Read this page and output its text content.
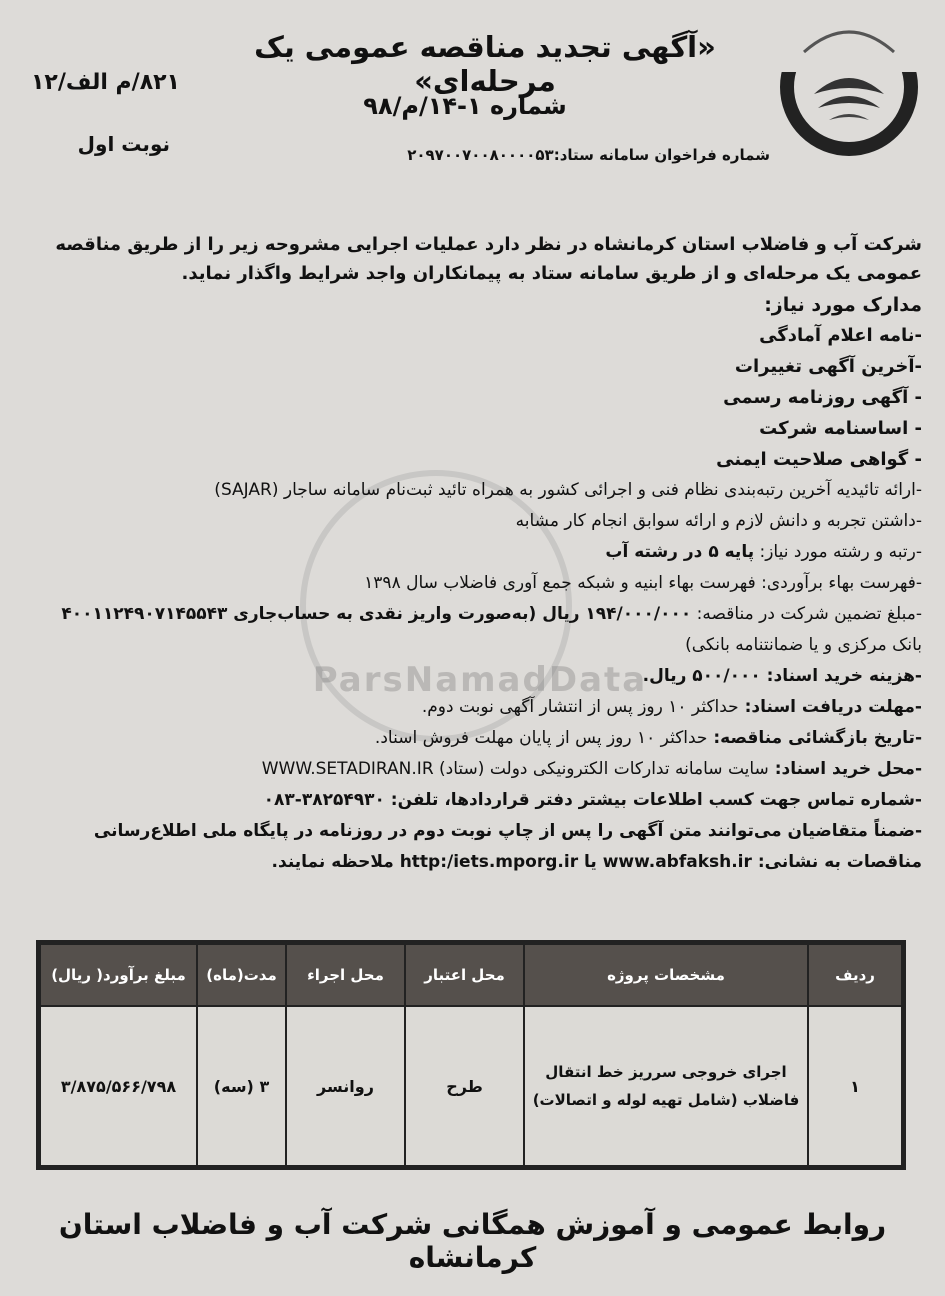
۸۲۱/م الف/۱۲
نوبت اول
«آگهی تجدید مناقصه عمومی یک مرحله‌ای»
شماره ۱-۱۴/م/۹۸
شماره فراخوان سامانه ستاد:۲۰۹۷۰۰۷۰۰۸۰۰۰۰۵۳
ParsNamadData
شرکت آب و فاضلاب استان کرمانشاه در نظر دارد عملیات اجرایی مشروحه زیر را از طریق مناقصه عمومی یک مرحله‌ای و از طریق سامانه ستاد به پیمانکاران واجد شرایط واگذار نماید.
مدارک مورد نیاز:
-نامه اعلام آمادگی
-آخرین آگهی تغییرات
- آگهی روزنامه رسمی
- اساسنامه شرکت
- گواهی صلاحیت ایمنی
-ارائه تائیدیه آخرین رتبه‌بندی نظام فنی و اجرائی کشور به همراه تائید ثبت‌نام سامانه ساجار (SAJAR)
-داشتن تجربه و دانش لازم و ارائه سوابق انجام کار مشابه
-رتبه و رشته مورد نیاز: پایه ۵ در رشته آب
-فهرست بهاء برآوردی: فهرست بهاء ابنیه و شبکه جمع آوری فاضلاب سال ۱۳۹۸
-مبلغ تضمین شرکت در مناقصه: ۱۹۴/۰۰۰/۰۰۰ ریال (به‌صورت واریز نقدی به حساب‌جاری ۴۰۰۱۱۲۴۹۰۷۱۴۵۵۴۳
بانک مرکزی و یا ضمانتنامه بانکی)
-هزینه خرید اسناد: ۵۰۰/۰۰۰ ریال.
-مهلت دریافت اسناد: حداکثر ۱۰ روز پس از انتشار آگهی نوبت دوم.
-تاریخ بازگشائی مناقصه: حداکثر ۱۰ روز پس از پایان مهلت فروش اسناد.
-محل خرید اسناد: سایت سامانه تدارکات الکترونیکی دولت (ستاد) WWW.SETADIRAN.IR
-شماره تماس جهت کسب اطلاعات بیشتر دفتر قراردادها، تلفن: ۳۸۲۵۴۹۳۰-۰۸۳
-ضمناً متقاضیان می‌توانند متن آگهی را پس از چاپ نوبت دوم در روزنامه در پایگاه ملی اطلاع‌رسانی مناقصات به نشانی: www.abfaksh.ir یا http:/iets.mporg.ir ملاحظه نمایند.
ردیف	مشخصات پروژه	محل اعتبار	محل اجراء	مدت(ماه)	مبلغ برآورد( ریال)
۱	اجرای خروجی سرریز خط انتقال فاضلاب (شامل تهیه لوله و اتصالات)	طرح	روانسر	۳ (سه)	۳/۸۷۵/۵۶۶/۷۹۸
روابط عمومی و آموزش همگانی شرکت آب و فاضلاب استان کرمانشاه
